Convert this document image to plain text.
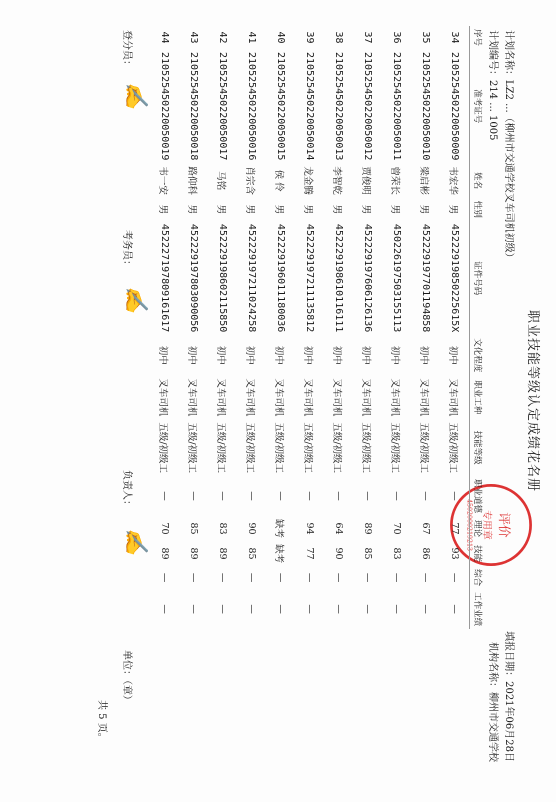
职业技能等级认定成绩花名册
计划名称：LZ2 ...（柳州市交通学校叉车司机初级）
计划编号：214 ... 1005
填报日期：2021年06月28日
机构名称：柳州市交通学校
评价
专用章
4502000219213
序号	准考证号	姓名	性别	证件号码	文化程度	职业工种	技能等级	职业道德	理论	技能	综合	工作业绩
34	210525450220050009	韦宏华	男	45222919850225615X	初中	叉车司机	五级/初级工	—	77	93	—	—
35	210525450220050010	梁启彬	男	452229197701194858	初中	叉车司机	五级/初级工	—	67	86	—	—
36	210525450220050011	曾荣长	男	450226197503155113	初中	叉车司机	五级/初级工	—	70	83	—	—
37	210525450220050012	贾俊明	男	452229197606126136	初中	叉车司机	五级/初级工	—	89	85	—	—
38	210525450220050013	李智乾	男	452229198610116111	初中	叉车司机	五级/初级工	—	64	90	—	—
39	210525450220050014	龙金腾	男	452229197211135812	初中	叉车司机	五级/初级工	—	94	77	—	—
40	210525450220050015	侯 伶	男	452229196011180036	初中	叉车司机	五级/初级工	—	缺考	缺考	—	—
41	210525450220050016	肖宗含	男	452229197211024258	初中	叉车司机	五级/初级工	—	90	85	—	—
42	210525450220050017	马铭	男	452229198602115850	初中	叉车司机	五级/初级工	—	83	89	—	—
43	210525450220050018	路仰科	男	452229197803090056	初中	叉车司机	五级/初级工	—	85	89	—	—
44	210525450220050019	韦一安	男	452227197809161617	初中	叉车司机	五级/初级工	—	70	89	—	—
登分员：
✍
考务员：
✍
负责人：
✍
单位：（章）
共 5 页。
